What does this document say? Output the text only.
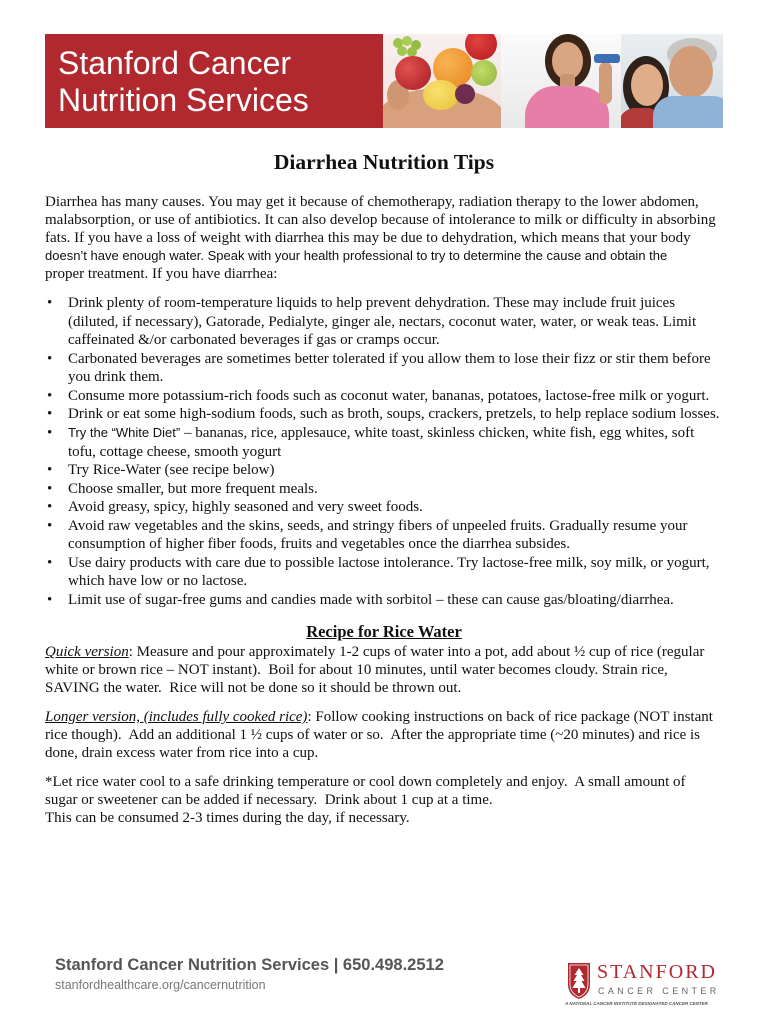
Stanford Cancer
Nutrition Services
Diarrhea Nutrition Tips
Diarrhea has many causes. You may get it because of chemotherapy, radiation therapy to the lower abdomen,
malabsorption, or use of antibiotics. It can also develop because of intolerance to milk or difficulty in absorbing
fats. If you have a loss of weight with diarrhea this may be due to dehydration, which means that your body
doesn’t have enough water. Speak with your health professional to try to determine the cause and obtain the
proper treatment. If you have diarrhea:
• Drink plenty of room-temperature liquids to help prevent dehydration. These may include fruit juices
(diluted, if necessary), Gatorade, Pedialyte, ginger ale, nectars, coconut water, water, or weak teas. Limit
caffeinated &/or carbonated beverages if gas or cramps occur.
• Carbonated beverages are sometimes better tolerated if you allow them to lose their fizz or stir them before
you drink them.
• Consume more potassium-rich foods such as coconut water, bananas, potatoes, lactose-free milk or yogurt.
• Drink or eat some high-sodium foods, such as broth, soups, crackers, pretzels, to help replace sodium losses.
• Try the “White Diet” – bananas, rice, applesauce, white toast, skinless chicken, white fish, egg whites, soft
tofu, cottage cheese, smooth yogurt
• Try Rice-Water (see recipe below)
• Choose smaller, but more frequent meals.
• Avoid greasy, spicy, highly seasoned and very sweet foods.
• Avoid raw vegetables and the skins, seeds, and stringy fibers of unpeeled fruits. Gradually resume your
consumption of higher fiber foods, fruits and vegetables once the diarrhea subsides.
• Use dairy products with care due to possible lactose intolerance. Try lactose-free milk, soy milk, or yogurt,
which have low or no lactose.
• Limit use of sugar-free gums and candies made with sorbitol – these can cause gas/bloating/diarrhea.
Recipe for Rice Water
Quick version: Measure and pour approximately 1-2 cups of water into a pot, add about ½ cup of rice (regular
white or brown rice – NOT instant).  Boil for about 10 minutes, until water becomes cloudy. Strain rice,
SAVING the water.  Rice will not be done so it should be thrown out.
Longer version, (includes fully cooked rice): Follow cooking instructions on back of rice package (NOT instant
rice though).  Add an additional 1 ½ cups of water or so.  After the appropriate time (~20 minutes) and rice is
done, drain excess water from rice into a cup.
*Let rice water cool to a safe drinking temperature or cool down completely and enjoy.  A small amount of
sugar or sweetener can be added if necessary.  Drink about 1 cup at a time.
This can be consumed 2-3 times during the day, if necessary.
Stanford Cancer Nutrition Services | 650.498.2512
stanfordhealthcare.org/cancernutrition
STANFORD
CANCER CENTER
A NATIONAL CANCER INSTITUTE DESIGNATED CANCER CENTER
